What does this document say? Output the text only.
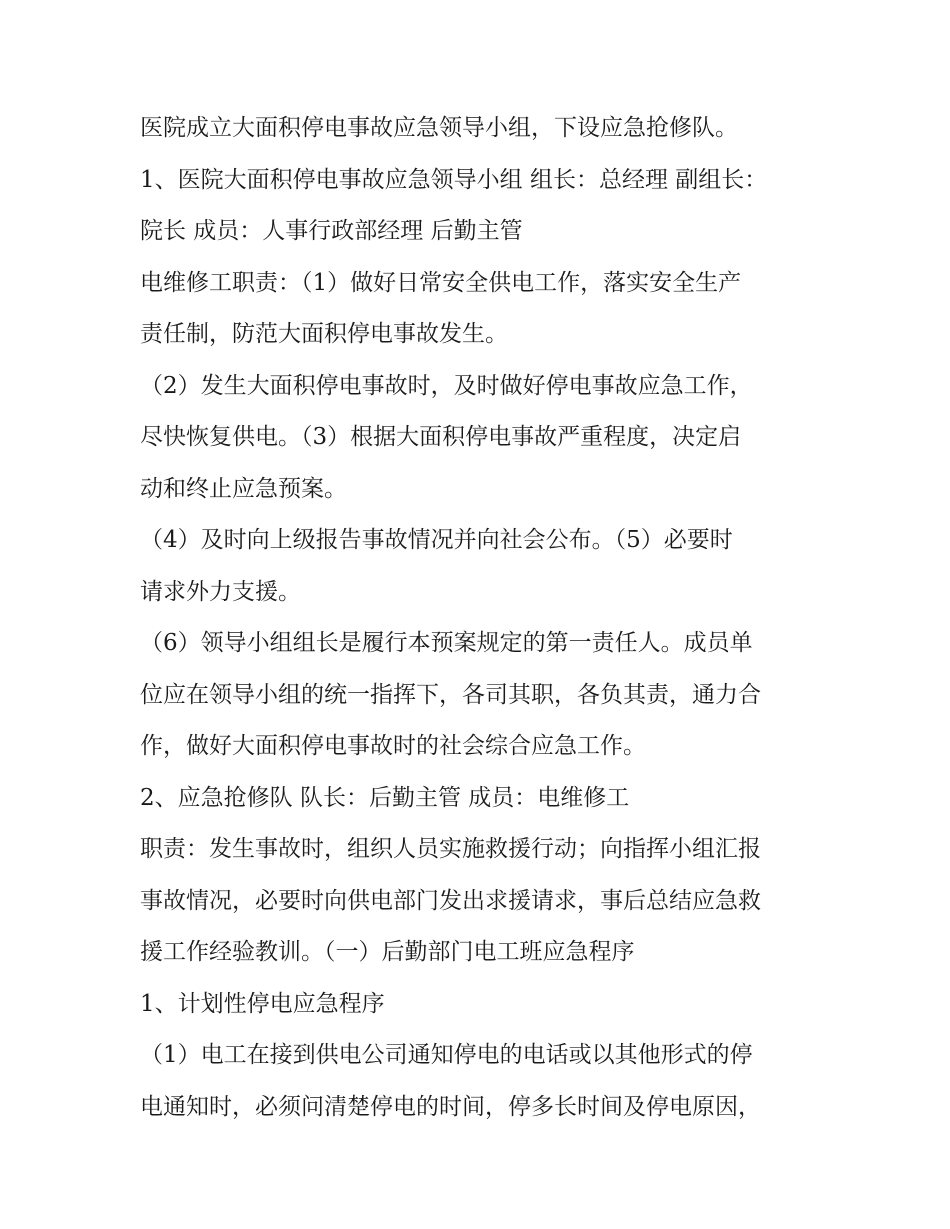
医院成立大面积停电事故应急领导小组，下设应急抢修队。
1、医院大面积停电事故应急领导小组 组长：总经理 副组长：
院长 成员：人事行政部经理 后勤主管
电维修工职责：（1）做好日常安全供电工作，落实安全生产
责任制，防范大面积停电事故发生。
（2）发生大面积停电事故时，及时做好停电事故应急工作，
尽快恢复供电。（3）根据大面积停电事故严重程度，决定启
动和终止应急预案。
（4）及时向上级报告事故情况并向社会公布。（5）必要时
请求外力支援。
（6）领导小组组长是履行本预案规定的第一责任人。成员单
位应在领导小组的统一指挥下，各司其职，各负其责，通力合
作，做好大面积停电事故时的社会综合应急工作。
2、应急抢修队 队长：后勤主管 成员：电维修工
职责：发生事故时，组织人员实施救援行动；向指挥小组汇报
事故情况，必要时向供电部门发出求援请求，事后总结应急救
援工作经验教训。（一）后勤部门电工班应急程序
1、计划性停电应急程序
（1）电工在接到供电公司通知停电的电话或以其他形式的停
电通知时，必须问清楚停电的时间，停多长时间及停电原因，
